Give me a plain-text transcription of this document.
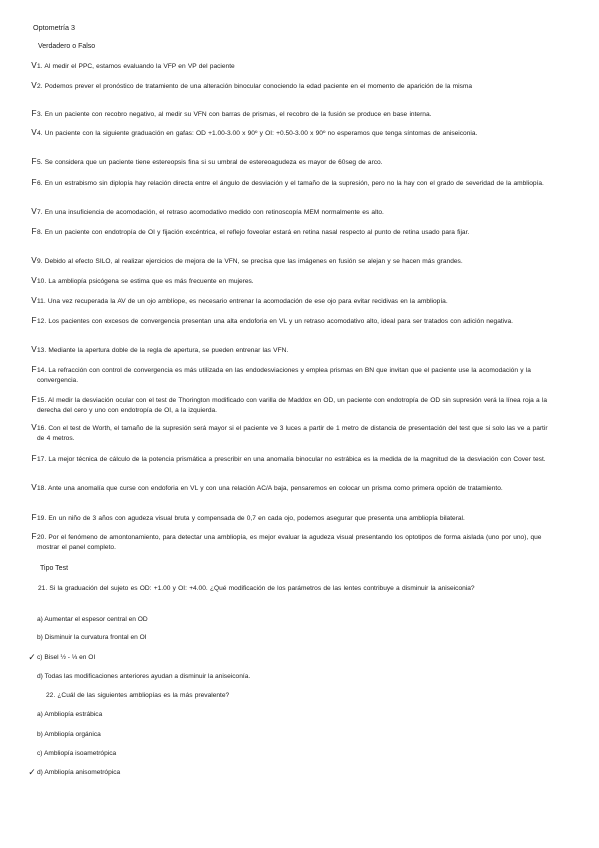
Optometría 3
Verdadero o Falso
V 1. Al medir el PPC, estamos evaluando la VFP en VP del paciente
V 2. Podemos prever el pronóstico de tratamiento de una alteración binocular conociendo la edad paciente en el momento de aparición de la misma
F 3. En un paciente con recobro negativo, al medir su VFN con barras de prismas, el recobro de la fusión se produce en base interna.
V 4. Un paciente con la siguiente graduación en gafas: OD +1.00-3.00 x 90º y OI: +0.50-3.00 x 90º no esperamos que tenga síntomas de aniseiconia.
F 5. Se considera que un paciente tiene estereopsis fina si su umbral de estereoagudeza es mayor de 60seg de arco.
F 6. En un estrabismo sin diplopía hay relación directa entre el ángulo de desviación y el tamaño de la supresión, pero no la hay con el grado de severidad de la ambliopía.
V 7. En una insuficiencia de acomodación, el retraso acomodativo medido con retinoscopía MEM normalmente es alto.
F 8. En un paciente con endotropía de OI y fijación excéntrica, el reflejo foveolar estará en retina nasal respecto al punto de retina usado para fijar.
V 9. Debido al efecto SILO, al realizar ejercicios de mejora de la VFN, se precisa que las imágenes en fusión se alejan y se hacen más grandes.
V 10. La ambliopía psicógena se estima que es más frecuente en mujeres.
V 11. Una vez recuperada la AV de un ojo amblíope, es necesario entrenar la acomodación de ese ojo para evitar recidivas en la ambliopía.
F 12. Los pacientes con excesos de convergencia presentan una alta endoforia en VL y un retraso acomodativo alto, ideal para ser tratados con adición negativa.
V 13. Mediante la apertura doble de la regla de apertura, se pueden entrenar las VFN.
F 14. La refracción con control de convergencia es más utilizada en las endodesviaciones y emplea prismas en BN que invitan que el paciente use la acomodación y la convergencia.
F 15. Al medir la desviación ocular con el test de Thorington modificado con varilla de Maddox en OD, un paciente con endotropía de OD sin supresión verá la línea roja a la derecha del cero y uno con endotropía de OI, a la izquierda.
V 16. Con el test de Worth, el tamaño de la supresión será mayor si el paciente ve 3 luces a partir de 1 metro de distancia de presentación del test que si solo las ve a partir de 4 metros.
F 17. La mejor técnica de cálculo de la potencia prismática a prescribir en una anomalía binocular no estrábica es la medida de la magnitud de la desviación con Cover test.
V 18. Ante una anomalía que curse con endoforia en VL y con una relación AC/A baja, pensaremos en colocar un prisma como primera opción de tratamiento.
F 19. En un niño de 3 años con agudeza visual bruta y compensada de 0,7 en cada ojo, podemos asegurar que presenta una ambliopía bilateral.
F 20. Por el fenómeno de amontonamiento, para detectar una ambliopía, es mejor evaluar la agudeza visual presentando los optotipos de forma aislada (uno por uno), que mostrar el panel completo.
Tipo Test
21. Si la graduación del sujeto es OD: +1.00 y OI: +4.00. ¿Qué modificación de los parámetros de las lentes contribuye a disminuir la aniseiconia?
a) Aumentar el espesor central en OD
b) Disminuir la curvatura frontal en OI
✓ c) Bisel ½ - ⅓ en OI
d) Todas las modificaciones anteriores ayudan a disminuir la aniseiconía.
22. ¿Cuál de las siguientes ambliopías es la más prevalente?
a) Ambliopía estrábica
b) Ambliopía orgánica
c) Ambliopía isoametrópica
✓ d) Ambliopía anisometrópica
